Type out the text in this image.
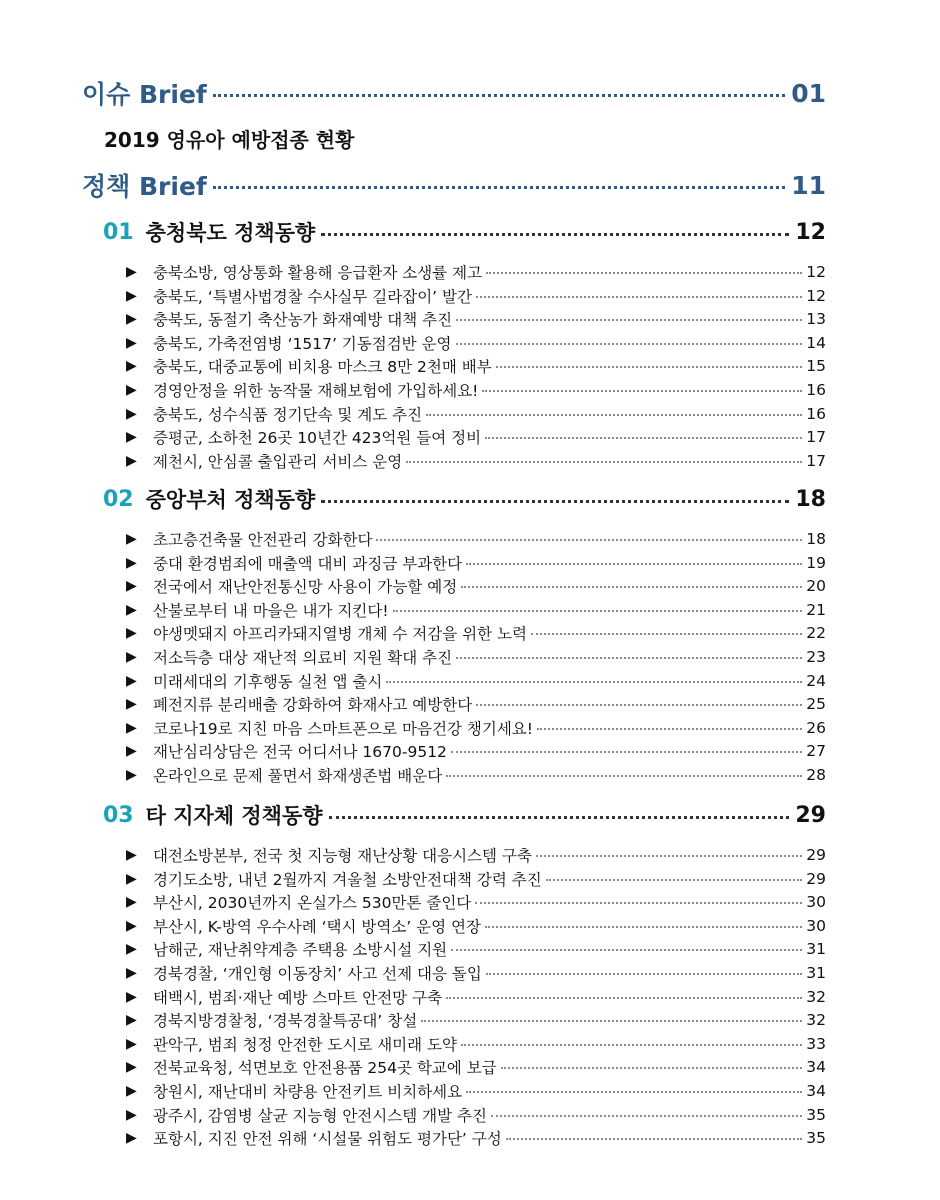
이슈 Brief	01
2019 영유아 예방접종 현황
정책 Brief	11
01 충청북도 정책동향	12
▶ 충북소방, 영상통화 활용해 응급환자 소생률 제고	12
▶ 충북도, ‘특별사법경찰 수사실무 길라잡이’ 발간	12
▶ 충북도, 동절기 축산농가 화재예방 대책 추진	13
▶ 충북도, 가축전염병 ‘1517’ 기동점검반 운영	14
▶ 충북도, 대중교통에 비치용 마스크 8만 2천매 배부	15
▶ 경영안정을 위한 농작물 재해보험에 가입하세요!	16
▶ 충북도, 성수식품 정기단속 및 계도 추진	16
▶ 증평군, 소하천 26곳 10년간 423억원 들여 정비	17
▶ 제천시, 안심콜 출입관리 서비스 운영	17
02 중앙부처 정책동향	18
▶ 초고층건축물 안전관리 강화한다	18
▶ 중대 환경범죄에 매출액 대비 과징금 부과한다	19
▶ 전국에서 재난안전통신망 사용이 가능할 예정	20
▶ 산불로부터 내 마을은 내가 지킨다!	21
▶ 야생멧돼지 아프리카돼지열병 개체 수 저감을 위한 노력	22
▶ 저소득층 대상 재난적 의료비 지원 확대 추진	23
▶ 미래세대의 기후행동 실천 앱 출시	24
▶ 폐전지류 분리배출 강화하여 화재사고 예방한다	25
▶ 코로나19로 지친 마음 스마트폰으로 마음건강 챙기세요!	26
▶ 재난심리상담은 전국 어디서나 1670-9512	27
▶ 온라인으로 문제 풀면서 화재생존법 배운다	28
03 타 지자체 정책동향	29
▶ 대전소방본부, 전국 첫 지능형 재난상황 대응시스템 구축	29
▶ 경기도소방, 내년 2월까지 겨울철 소방안전대책 강력 추진	29
▶ 부산시, 2030년까지 온실가스 530만톤 줄인다	30
▶ 부산시, K-방역 우수사례 ‘택시 방역소’ 운영 연장	30
▶ 남해군, 재난취약계층 주택용 소방시설 지원	31
▶ 경북경찰, ‘개인형 이동장치’ 사고 선제 대응 돌입	31
▶ 태백시, 범죄·재난 예방 스마트 안전망 구축	32
▶ 경북지방경찰청, ‘경북경찰특공대’ 창설	32
▶ 관악구, 범죄 청정 안전한 도시로 새미래 도약	33
▶ 전북교육청, 석면보호 안전용품 254곳 학교에 보급	34
▶ 창원시, 재난대비 차량용 안전키트 비치하세요	34
▶ 광주시, 감염병 살균 지능형 안전시스템 개발 추진	35
▶ 포항시, 지진 안전 위해 ‘시설물 위험도 평가단’ 구성	35
